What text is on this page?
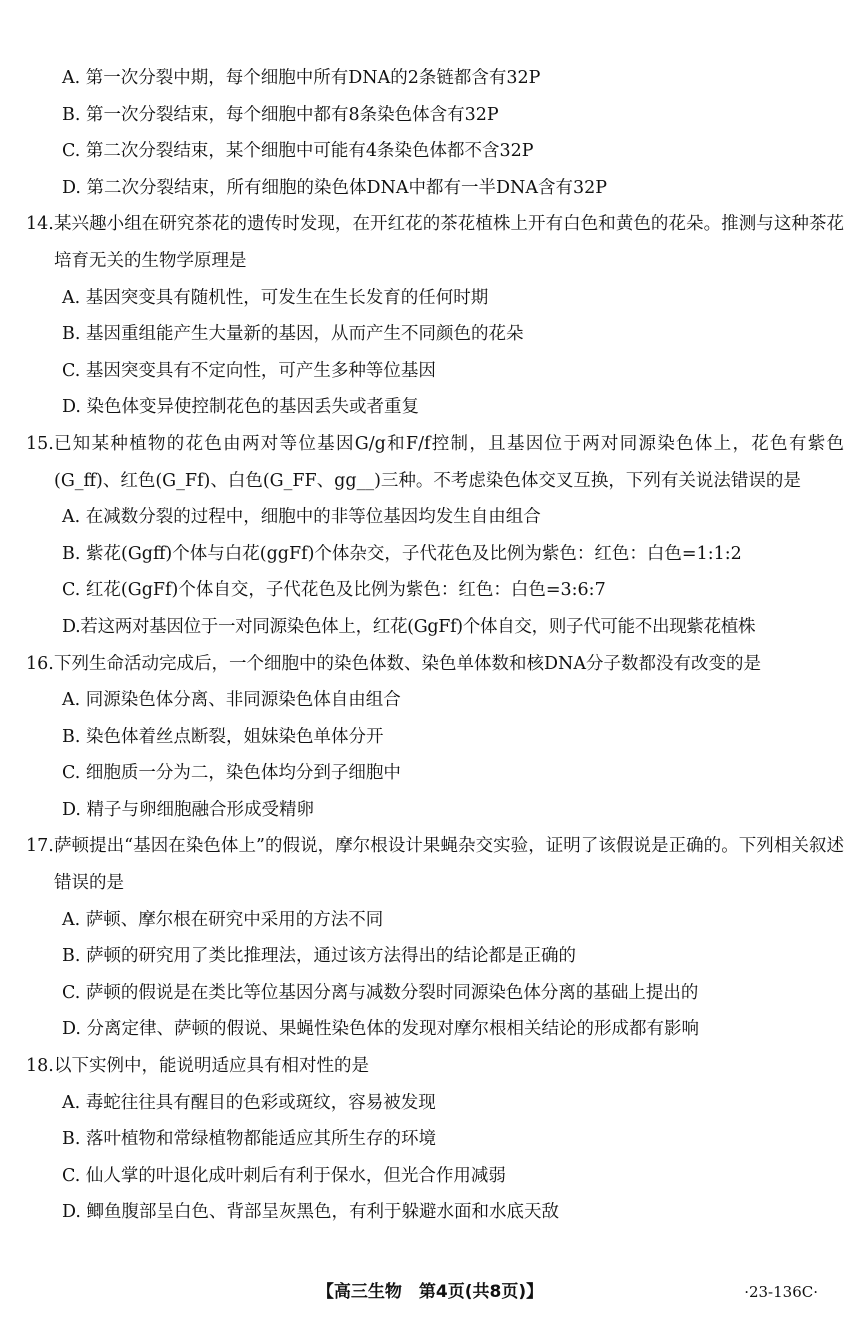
A. 第一次分裂中期，每个细胞中所有DNA的2条链都含有32P
B. 第一次分裂结束，每个细胞中都有8条染色体含有32P
C. 第二次分裂结束，某个细胞中可能有4条染色体都不含32P
D. 第二次分裂结束，所有细胞的染色体DNA中都有一半DNA含有32P
14. 某兴趣小组在研究茶花的遗传时发现，在开红花的茶花植株上开有白色和黄色的花朵。推测与这种茶花培育无关的生物学原理是
A. 基因突变具有随机性，可发生在生长发育的任何时期
B. 基因重组能产生大量新的基因，从而产生不同颜色的花朵
C. 基因突变具有不定向性，可产生多种等位基因
D. 染色体变异使控制花色的基因丢失或者重复
15. 已知某种植物的花色由两对等位基因G/g和F/f控制，且基因位于两对同源染色体上，花色有紫色(G_ff)、红色(G_Ff)、白色(G_FF、gg__)三种。不考虑染色体交叉互换，下列有关说法错误的是
A. 在减数分裂的过程中，细胞中的非等位基因均发生自由组合
B. 紫花(Ggff)个体与白花(ggFf)个体杂交，子代花色及比例为紫色：红色：白色=1:1:2
C. 红花(GgFf)个体自交，子代花色及比例为紫色：红色：白色=3:6:7
D.若这两对基因位于一对同源染色体上，红花(GgFf)个体自交，则子代可能不出现紫花植株
16. 下列生命活动完成后，一个细胞中的染色体数、染色单体数和核DNA分子数都没有改变的是
A. 同源染色体分离、非同源染色体自由组合
B. 染色体着丝点断裂，姐妹染色单体分开
C. 细胞质一分为二，染色体均分到子细胞中
D. 精子与卵细胞融合形成受精卵
17. 萨顿提出“基因在染色体上”的假说，摩尔根设计果蝇杂交实验，证明了该假说是正确的。下列相关叙述错误的是
A. 萨顿、摩尔根在研究中采用的方法不同
B. 萨顿的研究用了类比推理法，通过该方法得出的结论都是正确的
C. 萨顿的假说是在类比等位基因分离与减数分裂时同源染色体分离的基础上提出的
D. 分离定律、萨顿的假说、果蝇性染色体的发现对摩尔根相关结论的形成都有影响
18. 以下实例中，能说明适应具有相对性的是
A. 毒蛇往往具有醒目的色彩或斑纹，容易被发现
B. 落叶植物和常绿植物都能适应其所生存的环境
C. 仙人掌的叶退化成叶刺后有利于保水，但光合作用减弱
D. 鲫鱼腹部呈白色、背部呈灰黑色，有利于躲避水面和水底天敌
【高三生物　第4页(共8页)】	·23-136C·
